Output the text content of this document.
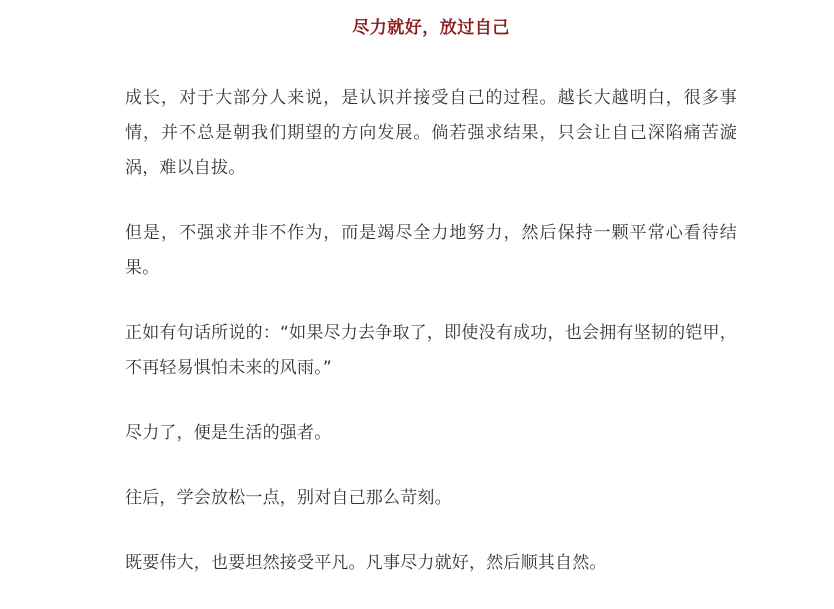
尽力就好，放过自己

成长，对于大部分人来说，是认识并接受自己的过程。越长大越明白，很多事情，并不总是朝我们期望的方向发展。倘若强求结果，只会让自己深陷痛苦漩涡，难以自拔。

但是，不强求并非不作为，而是竭尽全力地努力，然后保持一颗平常心看待结果。

正如有句话所说的：“如果尽力去争取了，即使没有成功，也会拥有坚韧的铠甲，不再轻易惧怕未来的风雨。”

尽力了，便是生活的强者。

往后，学会放松一点，别对自己那么苛刻。

既要伟大，也要坦然接受平凡。凡事尽力就好，然后顺其自然。
